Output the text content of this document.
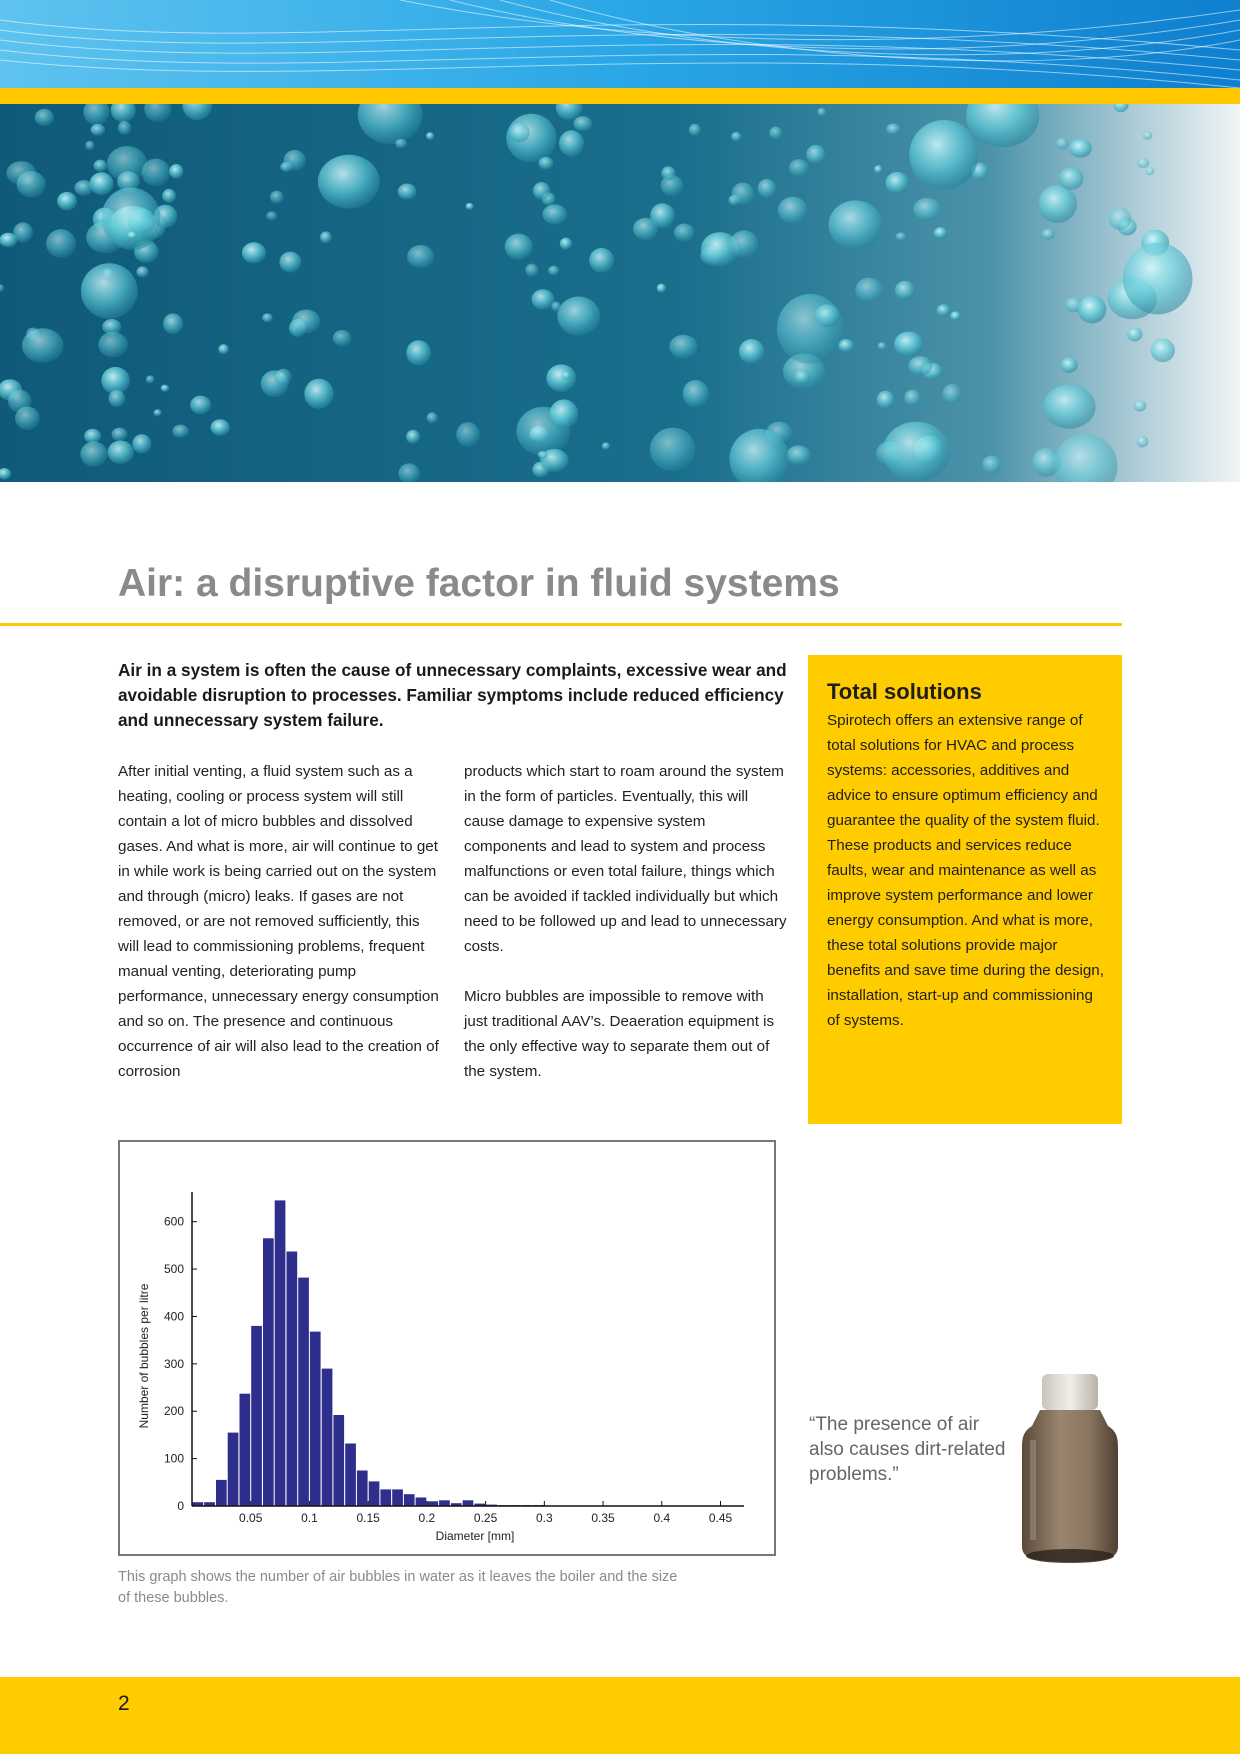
Air: a disruptive factor in fluid systems
Air in a system is often the cause of unnecessary complaints, excessive wear and avoidable disruption to processes. Familiar symptoms include reduced efficiency and unnecessary system failure.

After initial venting, a fluid system such as a heating, cooling or process system will still contain a lot of micro bubbles and dissolved gases. And what is more, air will continue to get in while work is being carried out on the system and through (micro) leaks. If gases are not removed, or are not removed sufficiently, this will lead to commissioning problems, frequent manual venting, deteriorating pump performance, unnecessary energy consumption and so on. The presence and continuous occurrence of air will also lead to the creation of corrosion

products which start to roam around the system in the form of particles. Eventually, this will cause damage to expensive system components and lead to system and process malfunctions or even total failure, things which can be avoided if tackled individually but which need to be followed up and lead to unnecessary costs.

Micro bubbles are impossible to remove with just traditional AAV’s. Deaeration equipment is the only effective way to separate them out of the system.

Total solutions
Spirotech offers an extensive range of total solutions for HVAC and process systems: accessories, additives and advice to ensure optimum efficiency and guarantee the quality of the system fluid. These products and services reduce faults, wear and maintenance as well as improve system performance and lower energy consumption. And what is more, these total solutions provide major benefits and save time during the design, installation, start-up and commissioning of systems.
0.05	0.1	0.15	0.2	0.25	0.3	0.35	0.4	0.45
0
100
200
300
400
500
600
Diameter [mm]
Number of bubbles per litre
This graph shows the number of air bubbles in water as it leaves the boiler and the size of these bubbles.
“The presence of air also causes dirt-related problems.”
2
